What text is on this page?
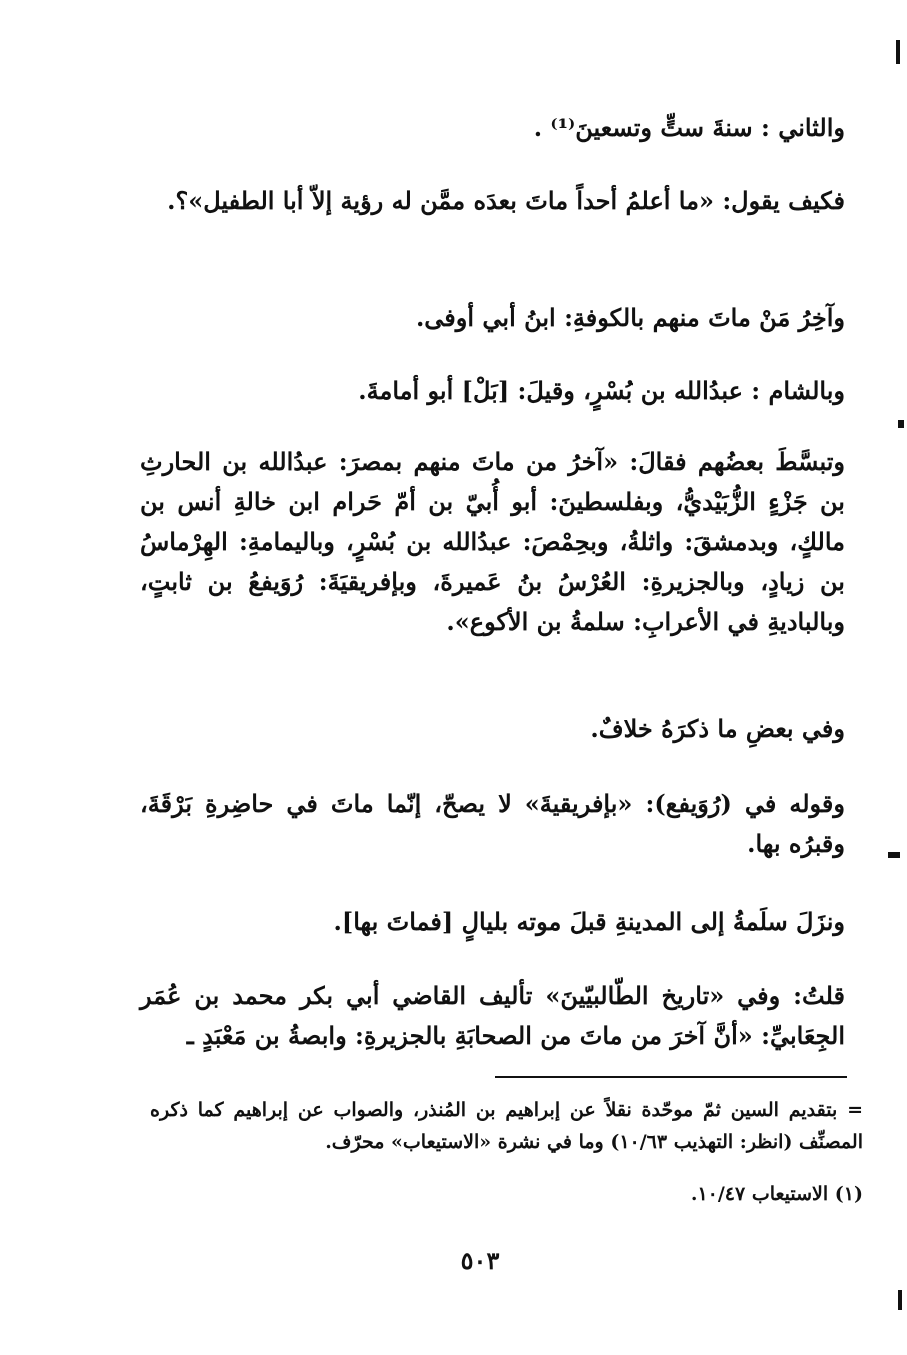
والثاني : سنةَ ستٍّ وتسعينَ⁽¹⁾ .

فكيف يقول: «ما أعلمُ أحداً ماتَ بعدَه ممَّن له رؤية إلاّ أبا الطفيل»؟.

وآخِرُ مَنْ ماتَ منهم بالكوفةِ: ابنُ أبي أوفى.

وبالشام : عبدُالله بن بُسْرٍ، وقيلَ: [بَلْ] أبو أمامةَ.

وتبسَّطَ بعضُهم فقالَ: «آخرُ من ماتَ منهم بمصرَ: عبدُالله بن الحارثِ بن جَزْءٍ الزُّبَيْديُّ، وبفلسطينَ: أبو أُبيّ بن أمّ حَرام ابن خالةِ أنس بن مالكٍ، وبدمشقَ: واثلةُ، وبحِمْصَ: عبدُالله بن بُسْرٍ، وباليمامةِ: الهِرْماسُ بن زيادٍ، وبالجزيرةِ: العُرْسُ بنُ عَميرةَ، وبإفريقيَةَ: رُوَيفعُ بن ثابتٍ، وبالباديةِ في الأعرابِ: سلمةُ بن الأكوع».

وفي بعضِ ما ذكرَهُ خلافٌ.

وقوله في (رُوَيفع): «بإفريقيةَ» لا يصحّ، إنّما ماتَ في حاضِرةِ بَرْقَةَ، وقبرُه بها.

ونزَلَ سلَمةُ إلى المدينةِ قبلَ موته بليالٍ [فماتَ بها].

قلتُ: وفي «تاريخ الطّالبيّينَ» تأليف القاضي أبي بكر محمد بن عُمَر الجِعَابيِّ: «أنَّ آخرَ من ماتَ من الصحابَةِ بالجزيرةِ: وابصةُ بن مَعْبَدٍ ـ

= بتقديم السين ثمّ موحّدة نقلاً عن إبراهيم بن المُنذر، والصواب عن إبراهيم كما ذكره المصنِّف (انظر: التهذيب ١٠/٦٣) وما في نشرة «الاستيعاب» محرّف.

(١) الاستيعاب ١٠/٤٧.

٥٠٣
